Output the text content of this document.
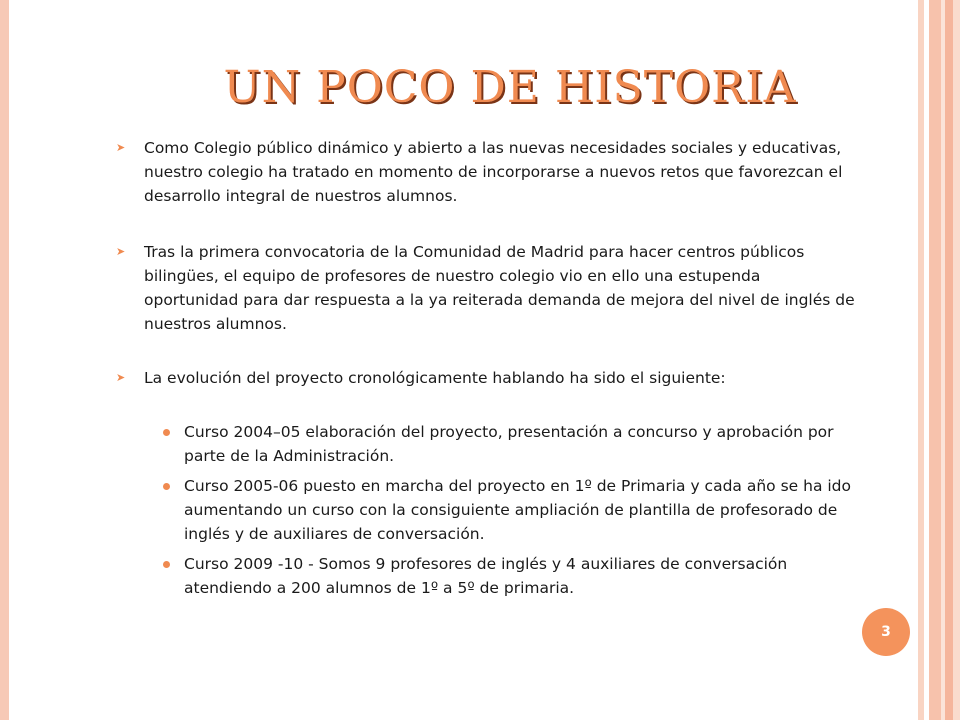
UN POCO DE HISTORIA
➤	Como Colegio público dinámico y abierto a las nuevas necesidades sociales y educativas, nuestro colegio ha tratado en momento de incorporarse a nuevos retos que favorezcan el desarrollo integral de nuestros alumnos.
➤	Tras la primera convocatoria de la Comunidad de Madrid para hacer centros públicos bilingües, el equipo de profesores de nuestro colegio vio en ello una estupenda oportunidad para dar respuesta a la ya reiterada demanda de mejora del nivel de inglés de nuestros alumnos.
➤	La evolución del proyecto cronológicamente hablando ha sido el siguiente:
Curso 2004–05 elaboración del proyecto, presentación a concurso y aprobación por parte de la Administración.
Curso 2005-06 puesto en marcha del proyecto en 1º de Primaria y cada año se ha ido aumentando un curso con la consiguiente ampliación de plantilla de profesorado de inglés y de auxiliares de conversación.
Curso 2009 -10 - Somos 9 profesores de inglés y 4 auxiliares de conversación atendiendo a 200 alumnos de 1º a 5º de primaria.
3
